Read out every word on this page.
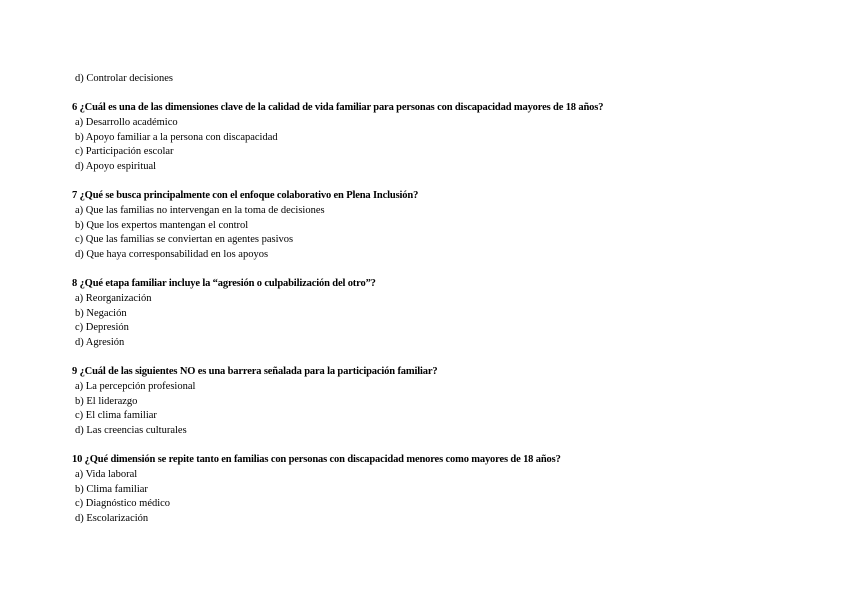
d) Controlar decisiones
6 ¿Cuál es una de las dimensiones clave de la calidad de vida familiar para personas con discapacidad mayores de 18 años?
a) Desarrollo académico
b) Apoyo familiar a la persona con discapacidad
c) Participación escolar
d) Apoyo espiritual
7 ¿Qué se busca principalmente con el enfoque colaborativo en Plena Inclusión?
a) Que las familias no intervengan en la toma de decisiones
b) Que los expertos mantengan el control
c) Que las familias se conviertan en agentes pasivos
d) Que haya corresponsabilidad en los apoyos
8 ¿Qué etapa familiar incluye la “agresión o culpabilización del otro”?
a) Reorganización
b) Negación
c) Depresión
d) Agresión
9 ¿Cuál de las siguientes NO es una barrera señalada para la participación familiar?
a) La percepción profesional
b) El liderazgo
c) El clima familiar
d) Las creencias culturales
10 ¿Qué dimensión se repite tanto en familias con personas con discapacidad menores como mayores de 18 años?
a) Vida laboral
b) Clima familiar
c) Diagnóstico médico
d) Escolarización
